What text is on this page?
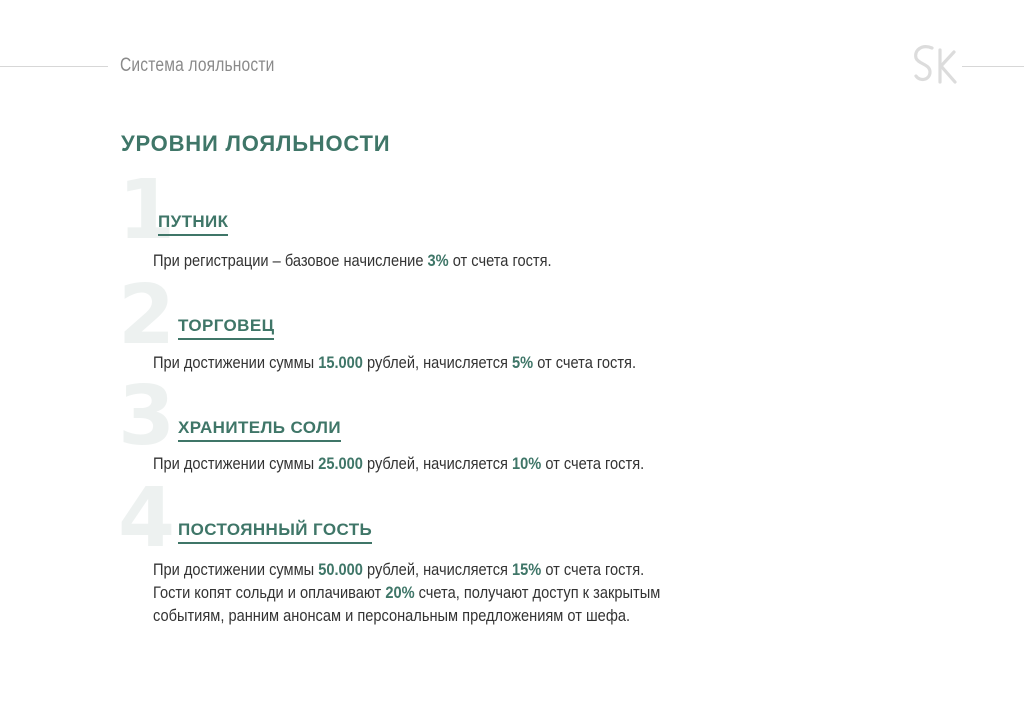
Система лояльности
УРОВНИ ЛОЯЛЬНОСТИ
1
ПУТНИК
При регистрации – базовое начисление 3% от счета гостя.
2 ТОРГОВЕЦ
При достижении суммы 15.000 рублей, начисляется 5% от счета гостя.
3 ХРАНИТЕЛЬ СОЛИ
При достижении суммы 25.000 рублей, начисляется 10% от счета гостя.
4 ПОСТОЯННЫЙ ГОСТЬ
При достижении суммы 50.000 рублей, начисляется 15% от счета гостя.
Гости копят сольди и оплачивают 20% счета, получают доступ к закрытым
событиям, ранним анонсам и персональным предложениям от шефа.
